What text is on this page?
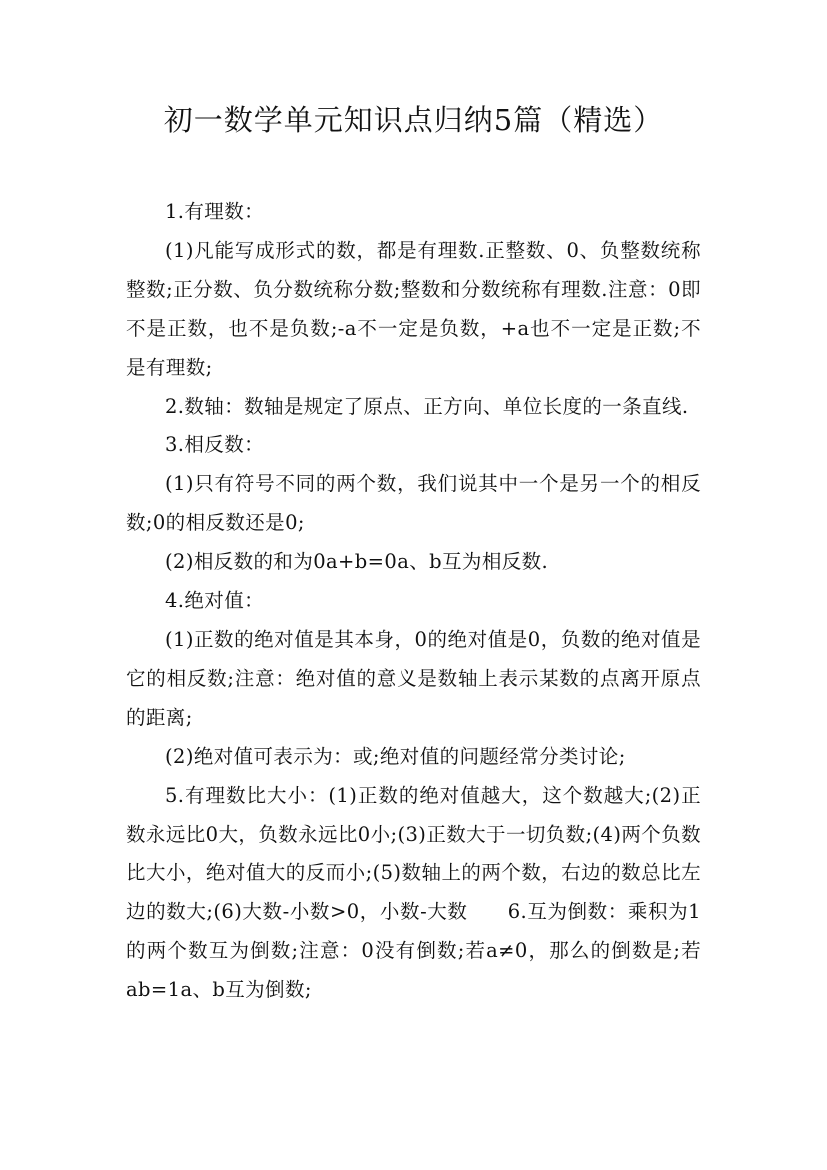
初一数学单元知识点归纳5篇（精选）

1.有理数：

(1)凡能写成形式的数，都是有理数.正整数、0、负整数统称整数;正分数、负分数统称分数;整数和分数统称有理数.注意：0即不是正数，也不是负数;-a不一定是负数，+a也不一定是正数;不是有理数;

2.数轴：数轴是规定了原点、正方向、单位长度的一条直线.

3.相反数：

(1)只有符号不同的两个数，我们说其中一个是另一个的相反数;0的相反数还是0;

(2)相反数的和为0a+b=0a、b互为相反数.

4.绝对值：

(1)正数的绝对值是其本身，0的绝对值是0，负数的绝对值是它的相反数;注意：绝对值的意义是数轴上表示某数的点离开原点的距离;

(2)绝对值可表示为：或;绝对值的问题经常分类讨论;

5.有理数比大小：(1)正数的绝对值越大，这个数越大;(2)正数永远比0大，负数永远比0小;(3)正数大于一切负数;(4)两个负数比大小，绝对值大的反而小;(5)数轴上的两个数，右边的数总比左边的数大;(6)大数-小数>0，小数-大数　　6.互为倒数：乘积为1的两个数互为倒数;注意：0没有倒数;若a≠0，那么的倒数是;若ab=1a、b互为倒数;
